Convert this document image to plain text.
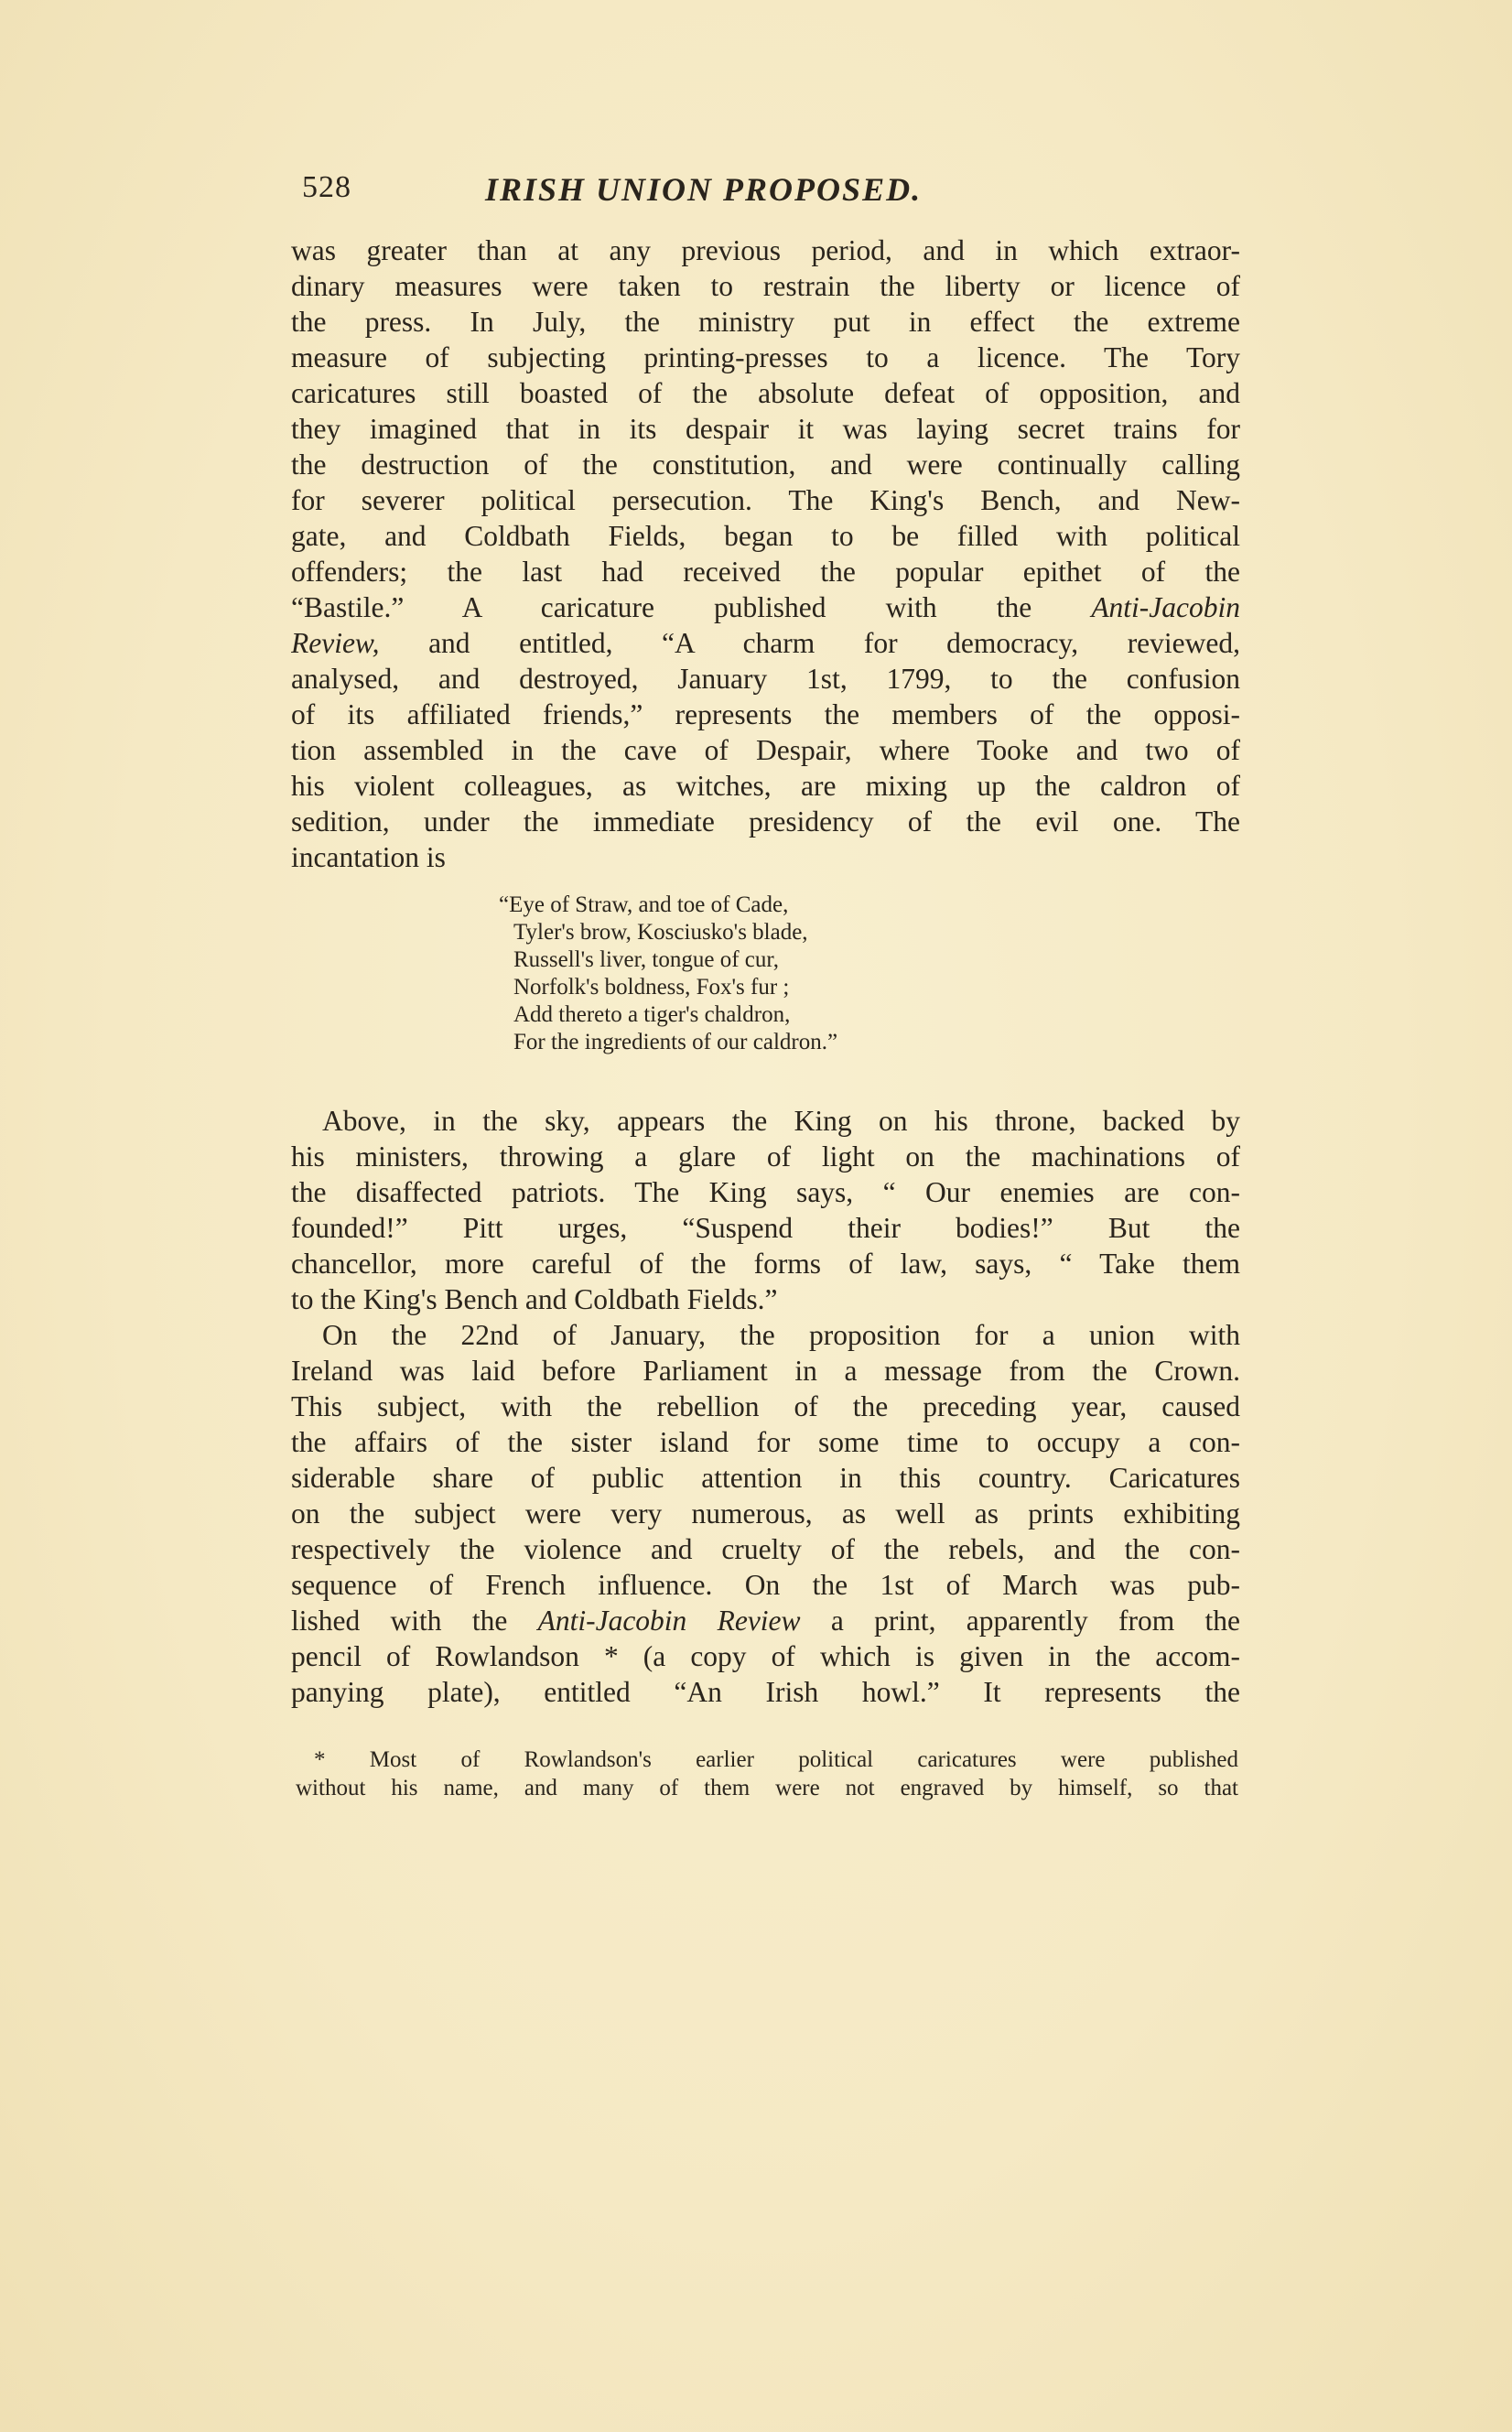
528	IRISH UNION PROPOSED.
was greater than at any previous period, and in which extraor-
dinary measures were taken to restrain the liberty or licence of
the press. In July, the ministry put in effect the extreme
measure of subjecting printing-presses to a licence. The Tory
caricatures still boasted of the absolute defeat of opposition, and
they imagined that in its despair it was laying secret trains for
the destruction of the constitution, and were continually calling
for severer political persecution. The King's Bench, and New-
gate, and Coldbath Fields, began to be filled with political
offenders; the last had received the popular epithet of the
“Bastile.” A caricature published with the Anti-Jacobin
Review, and entitled, “A charm for democracy, reviewed,
analysed, and destroyed, January 1st, 1799, to the confusion
of its affiliated friends,” represents the members of the opposi-
tion assembled in the cave of Despair, where Tooke and two of
his violent colleagues, as witches, are mixing up the caldron of
sedition, under the immediate presidency of the evil one. The
incantation is
“Eye of Straw, and toe of Cade,
Tyler's brow, Kosciusko's blade,
Russell's liver, tongue of cur,
Norfolk's boldness, Fox's fur ;
Add thereto a tiger's chaldron,
For the ingredients of our caldron.”
Above, in the sky, appears the King on his throne, backed by
his ministers, throwing a glare of light on the machinations of
the disaffected patriots. The King says, “ Our enemies are con-
founded!” Pitt urges, “Suspend their bodies!” But the
chancellor, more careful of the forms of law, says, “ Take them
to the King's Bench and Coldbath Fields.”
On the 22nd of January, the proposition for a union with
Ireland was laid before Parliament in a message from the Crown.
This subject, with the rebellion of the preceding year, caused
the affairs of the sister island for some time to occupy a con-
siderable share of public attention in this country. Caricatures
on the subject were very numerous, as well as prints exhibiting
respectively the violence and cruelty of the rebels, and the con-
sequence of French influence. On the 1st of March was pub-
lished with the Anti-Jacobin Review a print, apparently from the
pencil of Rowlandson * (a copy of which is given in the accom-
panying plate), entitled “An Irish howl.” It represents the
* Most of Rowlandson's earlier political caricatures were published
without his name, and many of them were not engraved by himself, so that
